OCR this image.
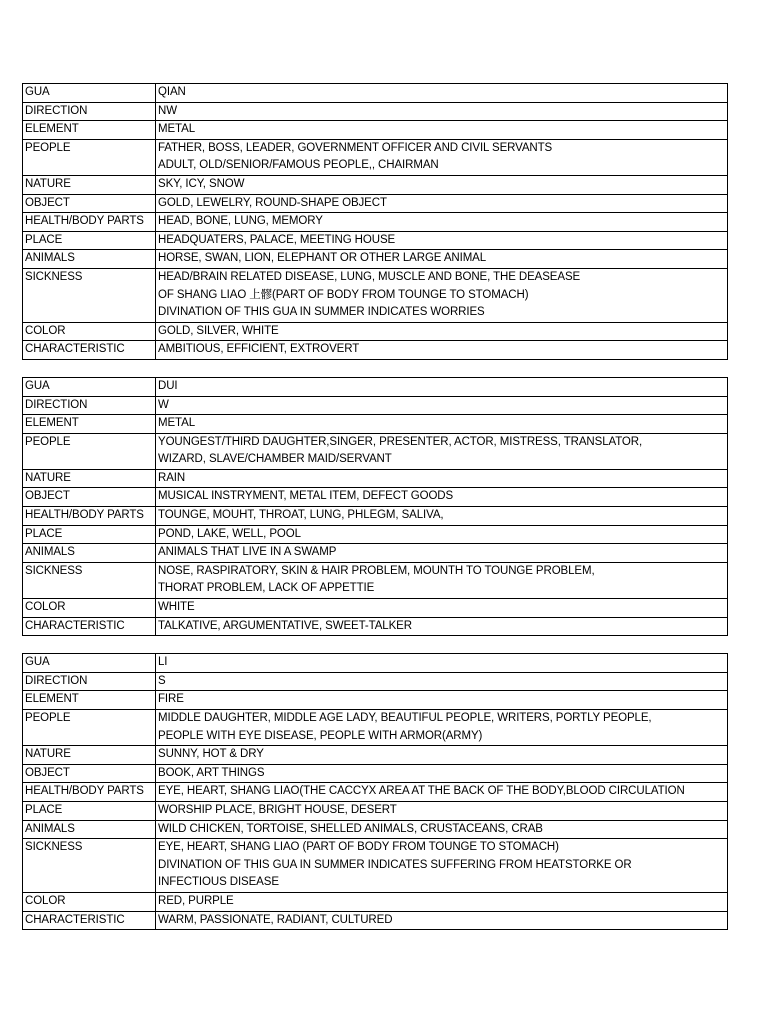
GUA	QIAN

DIRECTION	NW

ELEMENT	METAL

PEOPLE	FATHER, BOSS, LEADER, GOVERNMENT OFFICER AND CIVIL SERVANTS
ADULT, OLD/SENIOR/FAMOUS PEOPLE,, CHAIRMAN

NATURE	SKY, ICY, SNOW

OBJECT	GOLD, LEWELRY, ROUND-SHAPE OBJECT

HEALTH/BODY PARTS	HEAD, BONE, LUNG, MEMORY

PLACE	HEADQUATERS, PALACE, MEETING HOUSE

ANIMALS	HORSE, SWAN, LION, ELEPHANT OR OTHER LARGE ANIMAL

SICKNESS	HEAD/BRAIN RELATED DISEASE, LUNG, MUSCLE AND BONE, THE DEASEASE
OF SHANG LIAO 上髎(PART OF BODY FROM TOUNGE TO STOMACH)
DIVINATION OF THIS GUA IN SUMMER INDICATES WORRIES

COLOR	GOLD, SILVER, WHITE

CHARACTERISTIC	AMBITIOUS, EFFICIENT, EXTROVERT
GUA	DUI

DIRECTION	W

ELEMENT	METAL

PEOPLE	YOUNGEST/THIRD DAUGHTER,SINGER, PRESENTER, ACTOR, MISTRESS, TRANSLATOR,
WIZARD, SLAVE/CHAMBER MAID/SERVANT

NATURE	RAIN

OBJECT	MUSICAL INSTRYMENT, METAL ITEM, DEFECT GOODS

HEALTH/BODY PARTS	TOUNGE, MOUHT, THROAT, LUNG, PHLEGM, SALIVA,

PLACE	POND, LAKE, WELL, POOL

ANIMALS	ANIMALS THAT LIVE IN A SWAMP

SICKNESS	NOSE, RASPIRATORY, SKIN & HAIR PROBLEM, MOUNTH TO TOUNGE PROBLEM,
THORAT PROBLEM, LACK OF APPETTIE

COLOR	WHITE

CHARACTERISTIC	TALKATIVE, ARGUMENTATIVE, SWEET-TALKER
GUA	LI

DIRECTION	S

ELEMENT	FIRE

PEOPLE	MIDDLE DAUGHTER, MIDDLE AGE LADY, BEAUTIFUL PEOPLE, WRITERS, PORTLY PEOPLE,
PEOPLE WITH EYE DISEASE, PEOPLE WITH ARMOR(ARMY)

NATURE	SUNNY, HOT & DRY

OBJECT	BOOK, ART THINGS

HEALTH/BODY PARTS	EYE, HEART, SHANG LIAO(THE CACCYX AREA AT THE BACK OF THE BODY,BLOOD CIRCULATION

PLACE	WORSHIP PLACE, BRIGHT HOUSE, DESERT

ANIMALS	WILD CHICKEN, TORTOISE, SHELLED ANIMALS, CRUSTACEANS, CRAB

SICKNESS	EYE, HEART, SHANG LIAO (PART OF BODY FROM TOUNGE TO STOMACH)
DIVINATION OF THIS GUA IN SUMMER INDICATES SUFFERING FROM HEATSTORKE OR
INFECTIOUS DISEASE

COLOR	RED, PURPLE

CHARACTERISTIC	WARM, PASSIONATE, RADIANT, CULTURED
